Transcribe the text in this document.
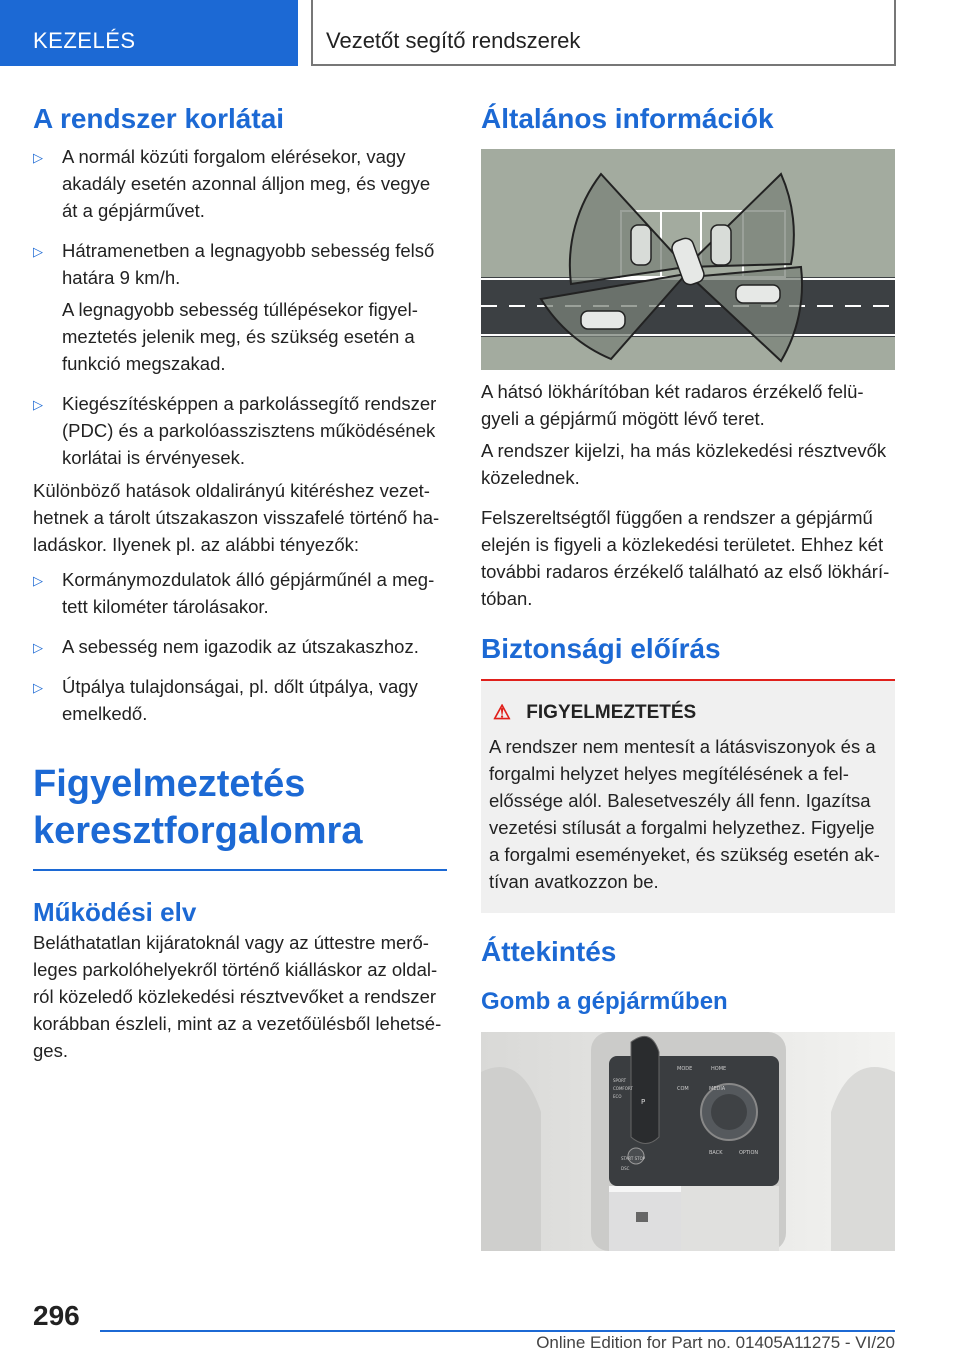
KEZELÉS	Vezetőt segítő rendszerek
A rendszer korlátai
▷ A normál közúti forgalom elérésekor, vagy akadály esetén azonnal álljon meg, és vegye át a gépjárművet.
▷ Hátramenetben a legnagyobb sebesség felső határa 9 km/h.
A legnagyobb sebesség túllépésekor figyelmeztetés jelenik meg, és szükség esetén a funkció megszakad.
▷ Kiegészítésképpen a parkolássegítő rendszer (PDC) és a parkolóasszisztens működésének korlátai is érvényesek.

Különböző hatások oldalirányú kitéréshez vezethetnek a tárolt útszakaszon visszafelé történő haladáskor. Ilyenek pl. az alábbi tényezők:

▷ Kormánymozdulatok álló gépjárműnél a megtett kilométer tárolásakor.
▷ A sebesség nem igazodik az útszakaszhoz.
▷ Útpálya tulajdonságai, pl. dőlt útpálya, vagy emelkedő.
Figyelmeztetés
keresztforgalomra
Működési elv

Beláthatatlan kijáratoknál vagy az úttestre merőleges parkolóhelyekről történő kiálláskor az oldalról közeledő közlekedési résztvevőket a rendszer korábban észleli, mint az a vezetőülésből lehetséges.

Általános információk

A hátsó lökhárítóban két radaros érzékelő felügyeli a gépjármű mögött lévő teret.

A rendszer kijelzi, ha más közlekedési résztvevők közelednek.

Felszereltségtől függően a rendszer a gépjármű elején is figyeli a közlekedési területet. Ehhez két további radaros érzékelő található az első lökhárítóban.

Biztonsági előírás
⚠ FIGYELMEZTETÉS
A rendszer nem mentesít a látásviszonyok és a forgalmi helyzet helyes megítélésének a felelőssége alól. Balesetveszély áll fenn. Igazítsa vezetési stílusát a forgalmi helyzethez. Figyelje a forgalmi eseményeket, és szükség esetén aktívan avatkozzon be.
Áttekintés
Gomb a gépjárműben
P
MODE	HOME
COM	MEDIA
BACK	OPTION
START STOP
DSC
SPORT
COMFORT
ECO
296
Online Edition for Part no. 01405A11275 - VI/20
